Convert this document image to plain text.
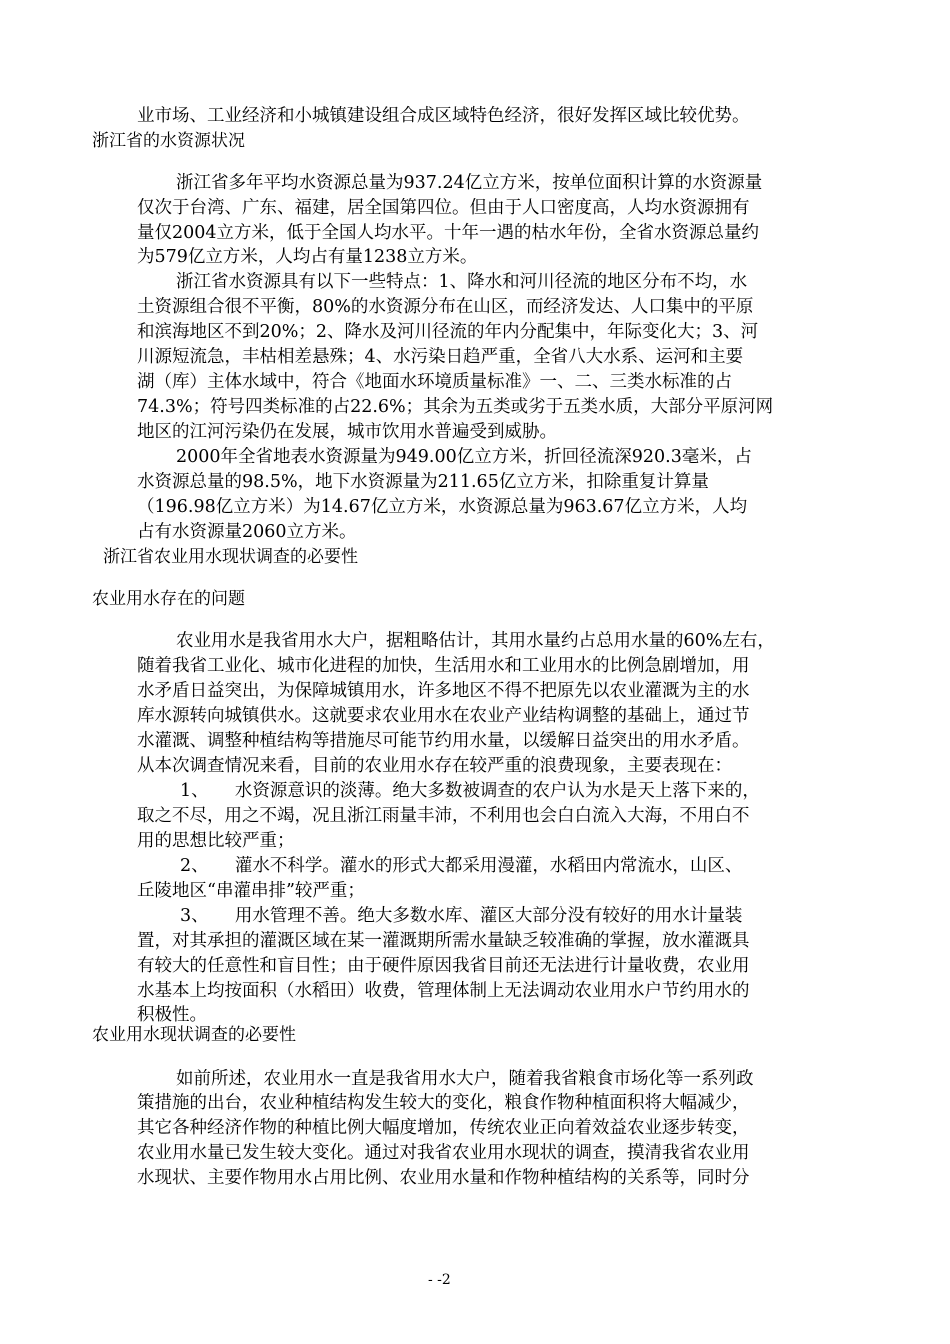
业市场、工业经济和小城镇建设组合成区域特色经济，很好发挥区域比较优势。
浙江省的水资源状况
浙江省多年平均水资源总量为937.24亿立方米，按单位面积计算的水资源量
仅次于台湾、广东、福建，居全国第四位。但由于人口密度高，人均水资源拥有
量仅2004立方米，低于全国人均水平。十年一遇的枯水年份，全省水资源总量约
为579亿立方米，人均占有量1238立方米。
浙江省水资源具有以下一些特点：1、降水和河川径流的地区分布不均，水
土资源组合很不平衡，80%的水资源分布在山区，而经济发达、人口集中的平原
和滨海地区不到20%；2、降水及河川径流的年内分配集中，年际变化大；3、河
川源短流急，丰枯相差悬殊；4、水污染日趋严重，全省八大水系、运河和主要
湖（库）主体水域中，符合《地面水环境质量标准》一、二、三类水标准的占
74.3%；符号四类标准的占22.6%；其余为五类或劣于五类水质，大部分平原河网
地区的江河污染仍在发展，城市饮用水普遍受到威胁。
2000年全省地表水资源量为949.00亿立方米，折回径流深920.3毫米，占
水资源总量的98.5%，地下水资源量为211.65亿立方米，扣除重复计算量
（196.98亿立方米）为14.67亿立方米，水资源总量为963.67亿立方米，人均
占有水资源量2060立方米。
浙江省农业用水现状调查的必要性
农业用水存在的问题
农业用水是我省用水大户，据粗略估计，其用水量约占总用水量的60%左右，
随着我省工业化、城市化进程的加快，生活用水和工业用水的比例急剧增加，用
水矛盾日益突出，为保障城镇用水，许多地区不得不把原先以农业灌溉为主的水
库水源转向城镇供水。这就要求农业用水在农业产业结构调整的基础上，通过节
水灌溉、调整种植结构等措施尽可能节约用水量，以缓解日益突出的用水矛盾。
从本次调查情况来看，目前的农业用水存在较严重的浪费现象，主要表现在：
1、　　水资源意识的淡薄。绝大多数被调查的农户认为水是天上落下来的，
取之不尽，用之不竭，况且浙江雨量丰沛，不利用也会白白流入大海，不用白不
用的思想比较严重；
2、　　灌水不科学。灌水的形式大都采用漫灌，水稻田内常流水，山区、
丘陵地区“串灌串排”较严重；
3、　　用水管理不善。绝大多数水库、灌区大部分没有较好的用水计量装
置，对其承担的灌溉区域在某一灌溉期所需水量缺乏较准确的掌握，放水灌溉具
有较大的任意性和盲目性；由于硬件原因我省目前还无法进行计量收费，农业用
水基本上均按面积（水稻田）收费，管理体制上无法调动农业用水户节约用水的
积极性。
农业用水现状调查的必要性
如前所述，农业用水一直是我省用水大户，随着我省粮食市场化等一系列政
策措施的出台，农业种植结构发生较大的变化，粮食作物种植面积将大幅减少，
其它各种经济作物的种植比例大幅度增加，传统农业正向着效益农业逐步转变，
农业用水量已发生较大变化。通过对我省农业用水现状的调查，摸清我省农业用
水现状、主要作物用水占用比例、农业用水量和作物种植结构的关系等，同时分
- -2
